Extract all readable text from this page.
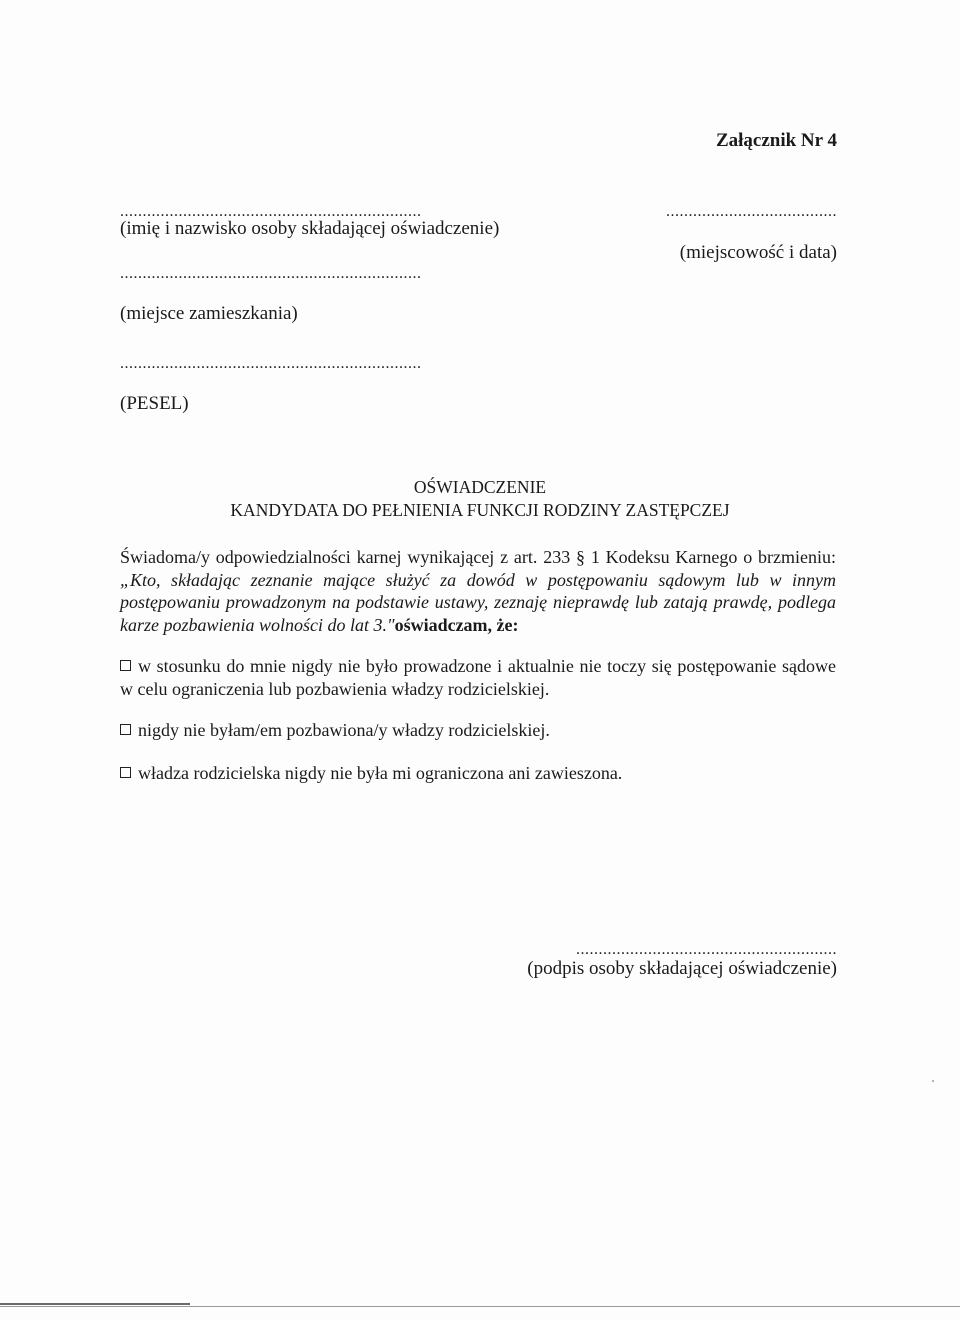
Załącznik Nr 4
...................................................................
(imię i nazwisko osoby składającej oświadczenie)
......................................
(miejscowość i data)
...................................................................
(miejsce zamieszkania)
...................................................................
(PESEL)
OŚWIADCZENIE
KANDYDATA DO PEŁNIENIA FUNKCJI RODZINY ZASTĘPCZEJ
Świadoma/y odpowiedzialności karnej wynikającej z art. 233 § 1 Kodeksu Karnego o brzmieniu: „Kto, składając zeznanie mające służyć za dowód w postępowaniu sądowym lub w innym postępowaniu prowadzonym na podstawie ustawy, zeznaję nieprawdę lub zatają prawdę, podlega karze pozbawienia wolności do lat 3."oświadczam, że:
w stosunku do mnie nigdy nie było prowadzone i aktualnie nie toczy się postępowanie sądowe w celu ograniczenia lub pozbawienia władzy rodzicielskiej.
nigdy nie byłam/em pozbawiona/y władzy rodzicielskiej.
władza rodzicielska nigdy nie była mi ograniczona ani zawieszona.
..........................................................
(podpis osoby składającej oświadczenie)
